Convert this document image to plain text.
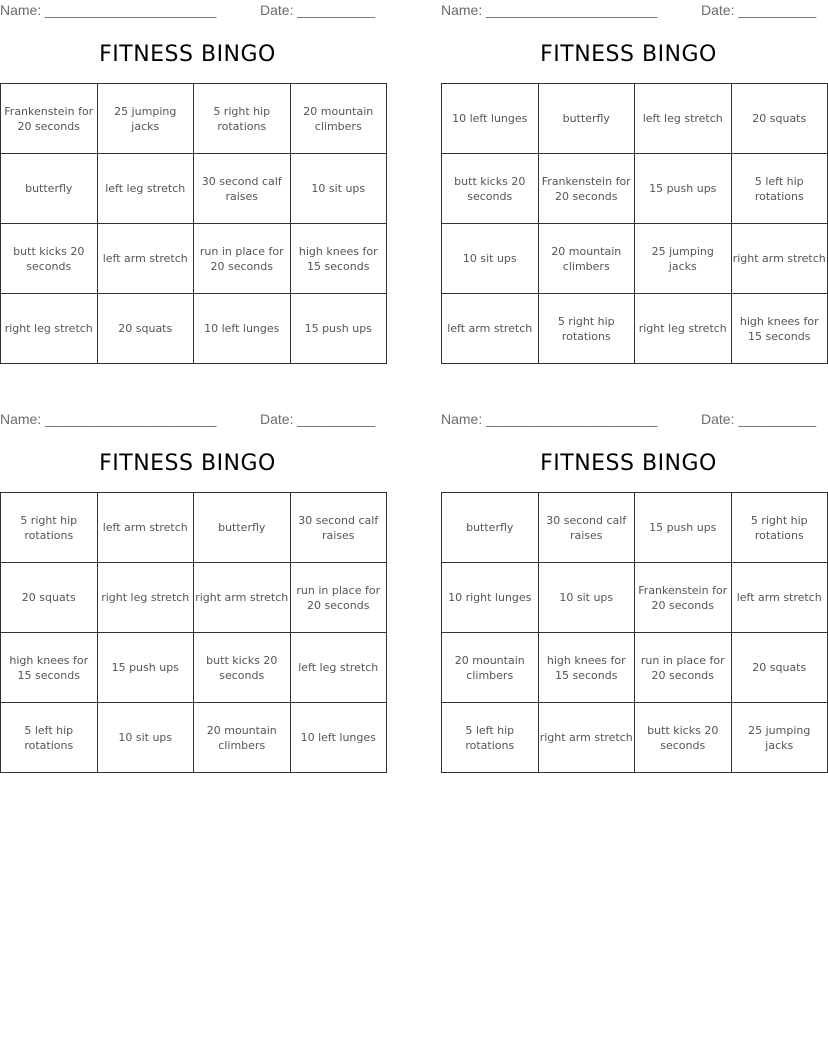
Name: ______________________	Date: __________
FITNESS BINGO
Frankenstein for 20 seconds	25 jumping jacks	5 right hip rotations	20 mountain climbers
butterfly	left leg stretch	30 second calf raises	10 sit ups
butt kicks 20 seconds	left arm stretch	run in place for 20 seconds	high knees for 15 seconds
right leg stretch	20 squats	10 left lunges	15 push ups
Name: ______________________	Date: __________
FITNESS BINGO
10 left lunges	butterfly	left leg stretch	20 squats
butt kicks 20 seconds	Frankenstein for 20 seconds	15 push ups	5 left hip rotations
10 sit ups	20 mountain climbers	25 jumping jacks	right arm stretch
left arm stretch	5 right hip rotations	right leg stretch	high knees for 15 seconds
Name: ______________________	Date: __________
FITNESS BINGO
5 right hip rotations	left arm stretch	butterfly	30 second calf raises
20 squats	right leg stretch	right arm stretch	run in place for 20 seconds
high knees for 15 seconds	15 push ups	butt kicks 20 seconds	left leg stretch
5 left hip rotations	10 sit ups	20 mountain climbers	10 left lunges
Name: ______________________	Date: __________
FITNESS BINGO
butterfly	30 second calf raises	15 push ups	5 right hip rotations
10 right lunges	10 sit ups	Frankenstein for 20 seconds	left arm stretch
20 mountain climbers	high knees for 15 seconds	run in place for 20 seconds	20 squats
5 left hip rotations	right arm stretch	butt kicks 20 seconds	25 jumping jacks
